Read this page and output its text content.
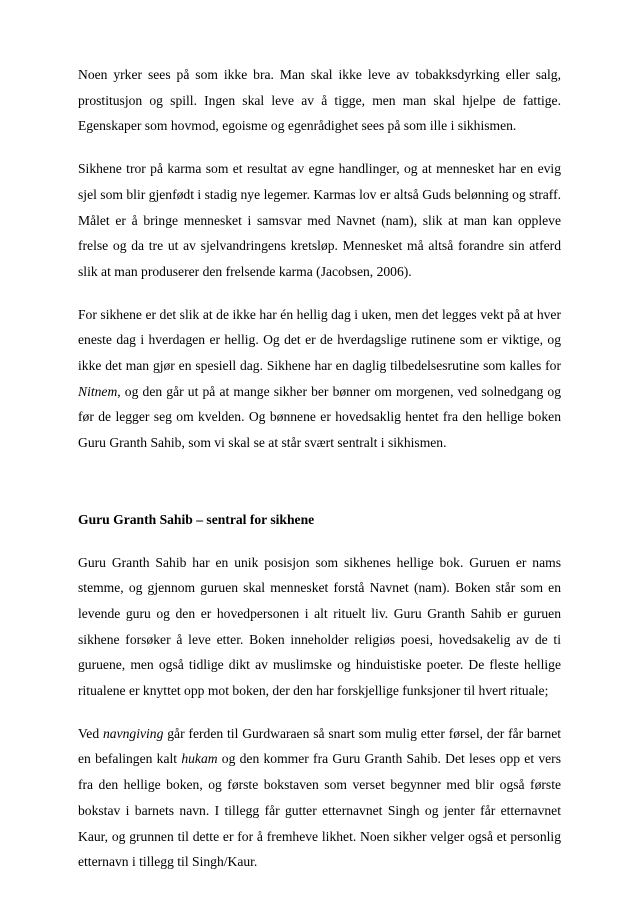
Noen yrker sees på som ikke bra. Man skal ikke leve av tobakksdyrking eller salg, prostitusjon og spill. Ingen skal leve av å tigge, men man skal hjelpe de fattige. Egenskaper som hovmod, egoisme og egenrådighet sees på som ille i sikhismen.

Sikhene tror på karma som et resultat av egne handlinger, og at mennesket har en evig sjel som blir gjenfødt i stadig nye legemer. Karmas lov er altså Guds belønning og straff. Målet er å bringe mennesket i samsvar med Navnet (nam), slik at man kan oppleve frelse og da tre ut av sjelvandringens kretsløp. Mennesket må altså forandre sin atferd slik at man produserer den frelsende karma (Jacobsen, 2006).

For sikhene er det slik at de ikke har én hellig dag i uken, men det legges vekt på at hver eneste dag i hverdagen er hellig. Og det er de hverdagslige rutinene som er viktige, og ikke det man gjør en spesiell dag. Sikhene har en daglig tilbedelsesrutine som kalles for Nitnem, og den går ut på at mange sikher ber bønner om morgenen, ved solnedgang og før de legger seg om kvelden. Og bønnene er hovedsaklig hentet fra den hellige boken Guru Granth Sahib, som vi skal se at står svært sentralt i sikhismen.

Guru Granth Sahib – sentral for sikhene

Guru Granth Sahib har en unik posisjon som sikhenes hellige bok. Guruen er nams stemme, og gjennom guruen skal mennesket forstå Navnet (nam). Boken står som en levende guru og den er hovedpersonen i alt rituelt liv. Guru Granth Sahib er guruen sikhene forsøker å leve etter. Boken inneholder religiøs poesi, hovedsakelig av de ti guruene, men også tidlige dikt av muslimske og hinduistiske poeter. De fleste hellige ritualene er knyttet opp mot boken, der den har forskjellige funksjoner til hvert rituale;

Ved navngiving går ferden til Gurdwaraen så snart som mulig etter førsel, der får barnet en befalingen kalt hukam og den kommer fra Guru Granth Sahib. Det leses opp et vers fra den hellige boken, og første bokstaven som verset begynner med blir også første bokstav i barnets navn. I tillegg får gutter etternavnet Singh og jenter får etternavnet Kaur, og grunnen til dette er for å fremheve likhet. Noen sikher velger også et personlig etternavn i tillegg til Singh/Kaur.
